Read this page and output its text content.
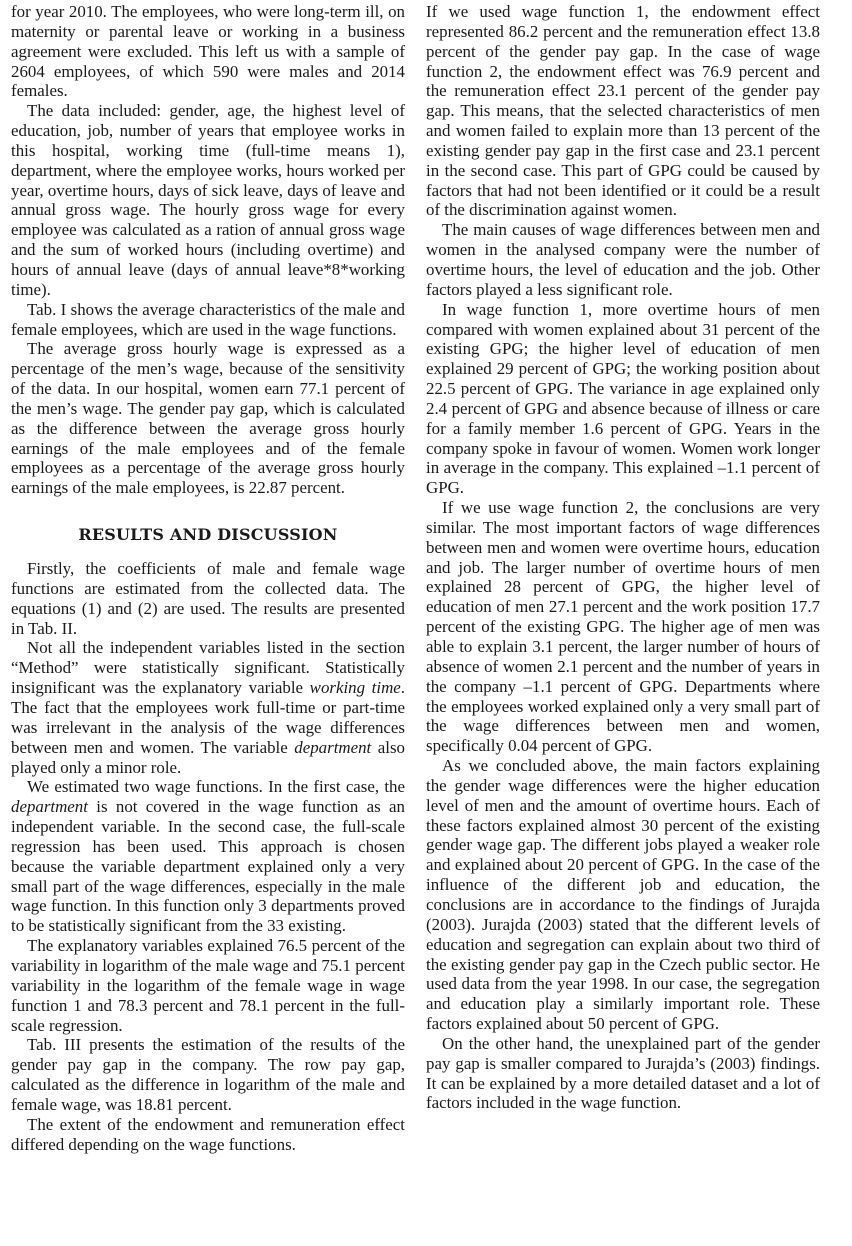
for year 2010. The employees, who were long-term ill, on maternity or parental leave or working in a business agreement were excluded. This left us with a sample of 2604 employees, of which 590 were males and 2014 females.

The data included: gender, age, the highest level of education, job, number of years that employee works in this hospital, working time (full-time means 1), department, where the employee works, hours worked per year, overtime hours, days of sick leave, days of leave and annual gross wage. The hourly gross wage for every employee was calculated as a ration of annual gross wage and the sum of worked hours (including overtime) and hours of annual leave (days of annual leave*8*working time).

Tab. I shows the average characteristics of the male and female employees, which are used in the wage functions.

The average gross hourly wage is expressed as a percentage of the men’s wage, because of the sensitivity of the data. In our hospital, women earn 77.1 percent of the men’s wage. The gender pay gap, which is calculated as the difference between the average gross hourly earnings of the male employees and of the female employees as a percentage of the average gross hourly earnings of the male employees, is 22.87 percent.

RESULTS AND DISCUSSION

Firstly, the coefficients of male and female wage functions are estimated from the collected data. The equations (1) and (2) are used. The results are presented in Tab. II.

Not all the independent variables listed in the section “Method” were statistically significant. Statistically insignificant was the explanatory variable working time. The fact that the employees work full-time or part-time was irrelevant in the analysis of the wage differences between men and women. The variable department also played only a minor role.

We estimated two wage functions. In the first case, the department is not covered in the wage function as an independent variable. In the second case, the full-scale regression has been used. This approach is chosen because the variable department explained only a very small part of the wage differences, especially in the male wage function. In this function only 3 departments proved to be statistically significant from the 33 existing.

The explanatory variables explained 76.5 percent of the variability in logarithm of the male wage and 75.1 percent variability in the logarithm of the female wage in wage function 1 and 78.3 percent and 78.1 percent in the full-scale regression.

Tab. III presents the estimation of the results of the gender pay gap in the company. The row pay gap, calculated as the difference in logarithm of the male and female wage, was 18.81 percent.

The extent of the endowment and remuneration effect differed depending on the wage functions.

If we used wage function 1, the endowment effect represented 86.2 percent and the remuneration effect 13.8 percent of the gender pay gap. In the case of wage function 2, the endowment effect was 76.9 percent and the remuneration effect 23.1 percent of the gender pay gap. This means, that the selected characteristics of men and women failed to explain more than 13 percent of the existing gender pay gap in the first case and 23.1 percent in the second case. This part of GPG could be caused by factors that had not been identified or it could be a result of the discrimination against women.

The main causes of wage differences between men and women in the analysed company were the number of overtime hours, the level of education and the job. Other factors played a less significant role.

In wage function 1, more overtime hours of men compared with women explained about 31 percent of the existing GPG; the higher level of education of men explained 29 percent of GPG; the working position about 22.5 percent of GPG. The variance in age explained only 2.4 percent of GPG and absence because of illness or care for a family member 1.6 percent of GPG. Years in the company spoke in favour of women. Women work longer in average in the company. This explained –1.1 percent of GPG.

If we use wage function 2, the conclusions are very similar. The most important factors of wage differences between men and women were overtime hours, education and job. The larger number of overtime hours of men explained 28 percent of GPG, the higher level of education of men 27.1 percent and the work position 17.7 percent of the existing GPG. The higher age of men was able to explain 3.1 percent, the larger number of hours of absence of women 2.1 percent and the number of years in the company –1.1 percent of GPG. Departments where the employees worked explained only a very small part of the wage differences between men and women, specifically 0.04 percent of GPG.

As we concluded above, the main factors explaining the gender wage differences were the higher education level of men and the amount of overtime hours. Each of these factors explained almost 30 percent of the existing gender wage gap. The different jobs played a weaker role and explained about 20 percent of GPG. In the case of the influence of the different job and education, the conclusions are in accordance to the findings of Jurajda (2003). Jurajda (2003) stated that the different levels of education and segregation can explain about two third of the existing gender pay gap in the Czech public sector. He used data from the year 1998. In our case, the segregation and education play a similarly important role. These factors explained about 50 percent of GPG.

On the other hand, the unexplained part of the gender pay gap is smaller compared to Jurajda’s (2003) findings. It can be explained by a more detailed dataset and a lot of factors included in the wage function.
